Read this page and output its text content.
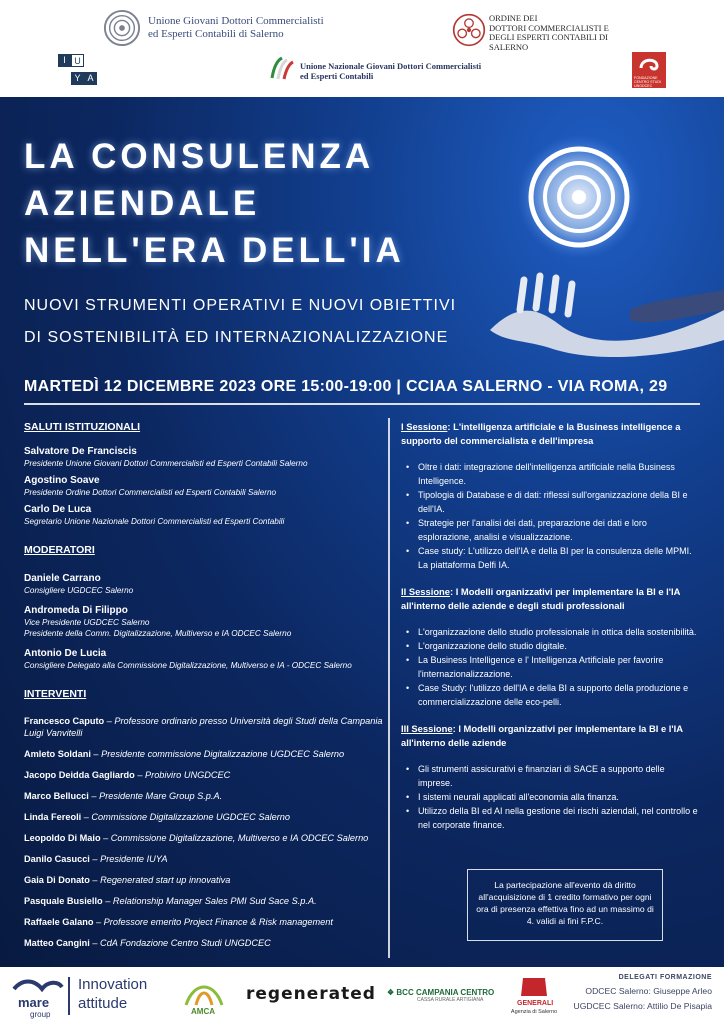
Unione Giovani Dottori Commercialisti
ed Esperti Contabili di Salerno
ORDINE DEI
DOTTORI COMMERCIALISTI E
DEGLI ESPERTI CONTABILI DI
SALERNO
I U
Y A
Unione Nazionale Giovani Dottori Commercialisti
ed Esperti Contabili	FONDAZIONE CENTRO STUDI UNGDCEC
LA CONSULENZA
AZIENDALE
NELL'ERA DELL'IA
NUOVI STRUMENTI OPERATIVI E NUOVI OBIETTIVI
DI SOSTENIBILITÀ ED INTERNAZIONALIZZAZIONE
MARTEDÌ 12 DICEMBRE 2023 ORE 15:00-19:00 | CCIAA SALERNO - VIA ROMA, 29
SALUTI ISTITUZIONALI
Salvatore De Franciscis
Presidente Unione Giovani Dottori Commercialisti ed Esperti Contabili Salerno
Agostino Soave
Presidente Ordine Dottori Commercialisti ed Esperti Contabili Salerno
Carlo De Luca
Segretario Unione Nazionale Dottori Commercialisti ed Esperti Contabili
MODERATORI
Daniele Carrano
Consigliere UGDCEC Salerno
Andromeda Di Filippo
Vice Presidente UGDCEC Salerno
Presidente della Comm. Digitalizzazione, Multiverso e IA ODCEC Salerno
Antonio De Lucia
Consigliere Delegato alla Commissione Digitalizzazione, Multiverso e IA - ODCEC Salerno
INTERVENTI
Francesco Caputo – Professore ordinario presso Università degli Studi della Campania Luigi Vanvitelli
Amleto Soldani – Presidente commissione Digitalizzazione UGDCEC Salerno
Jacopo Deidda Gagliardo – Probiviro UNGDCEC
Marco Bellucci – Presidente Mare Group S.p.A.
Linda Fereoli – Commissione Digitalizzazione UGDCEC Salerno
Leopoldo Di Maio – Commissione Digitalizzazione, Multiverso e IA ODCEC Salerno
Danilo Casucci – Presidente IUYA
Gaia Di Donato – Regenerated start up innovativa
Pasquale Busiello – Relationship Manager Sales PMI Sud Sace S.p.A.
Raffaele Galano – Professore emerito Project Finance & Risk management
Matteo Cangini – CdA Fondazione Centro Studi UNGDCEC
I Sessione: L'intelligenza artificiale e la Business intelligence a supporto del commercialista e dell'impresa
• Oltre i dati: integrazione dell'intelligenza artificiale nella Business Intelligence.
• Tipologia di Database e di dati: riflessi sull'organizzazione della BI e dell'IA.
• Strategie per l'analisi dei dati, preparazione dei dati e loro esplorazione, analisi e visualizzazione.
• Case study: L'utilizzo dell'IA e della BI per la consulenza delle MPMI. La piattaforma Delfi IA.
II Sessione: I Modelli organizzativi per implementare la BI e l'IA all'interno delle aziende e degli studi professionali
• L'organizzazione dello studio professionale in ottica della sostenibilità.
• L'organizzazione dello studio digitale.
• La Business Intelligence e l' Intelligenza Artificiale per favorire l'internazionalizzazione.
• Case Study: l'utilizzo dell'IA e della BI a supporto della produzione e commercializzazione delle eco-pelli.
III Sessione: I Modelli organizzativi per implementare la BI e l'IA all'interno delle aziende
• Gli strumenti assicurativi e finanziari di SACE a supporto delle imprese.
• I sistemi neurali applicati all'economia alla finanza.
• Utilizzo della BI ed AI nella gestione dei rischi aziendali, nel controllo e nel corporate finance.
La partecipazione all'evento dà diritto all'acquisizione di 1 credito formativo per ogni ora di presenza effettiva fino ad un massimo di 4. validi ai fini F.P.C.
mare
group
Innovation
attitude	AMCA
regenerated ❖ BCC CAMPANIA CENTRO
CASSA RURALE ARTIGIANA	GENERALI
Agenzia di Salerno
DELEGATI FORMAZIONE
ODCEC Salerno: Giuseppe Arleo
UGDCEC Salerno: Attilio De Pisapia
